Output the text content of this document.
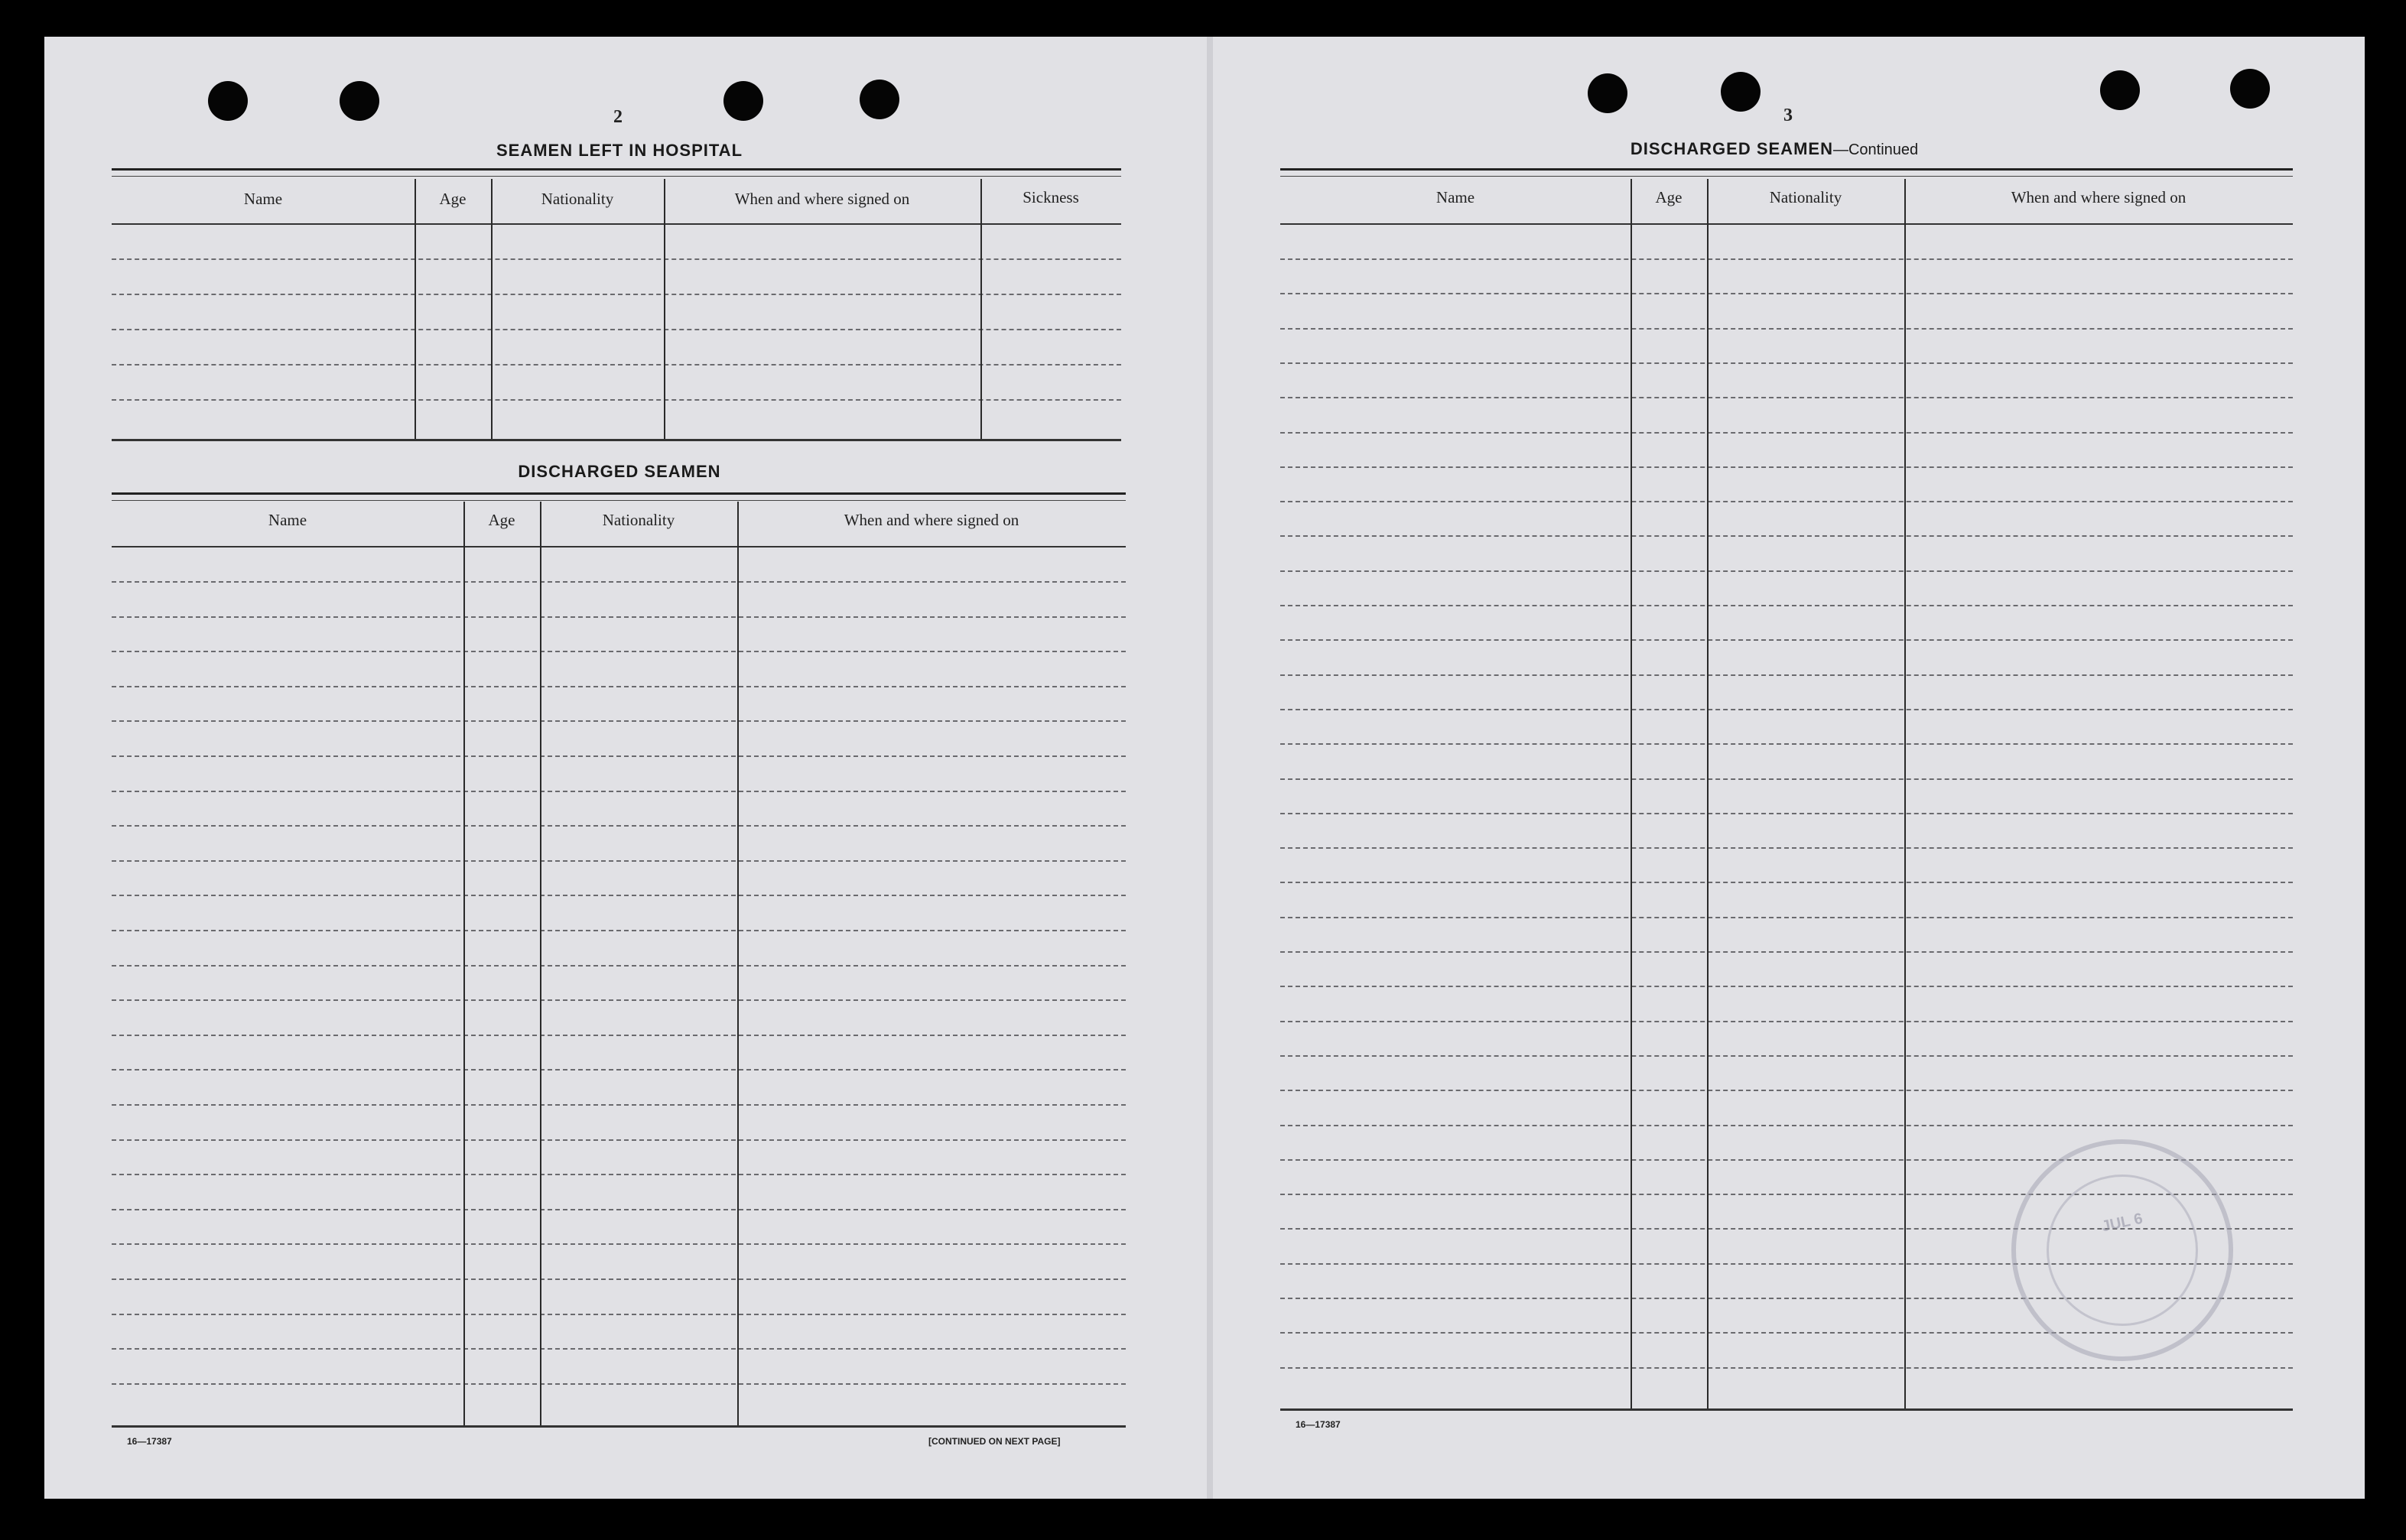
2
SEAMEN LEFT IN HOSPITAL
Name	Age	Nationality	When and where signed on	Sickness
DISCHARGED SEAMEN
Name	Age	Nationality	When and where signed on
16—17387	[CONTINUED ON NEXT PAGE]
3
DISCHARGED SEAMEN—Continued
Name	Age	Nationality	When and where signed on
16—17387
JUL 6
